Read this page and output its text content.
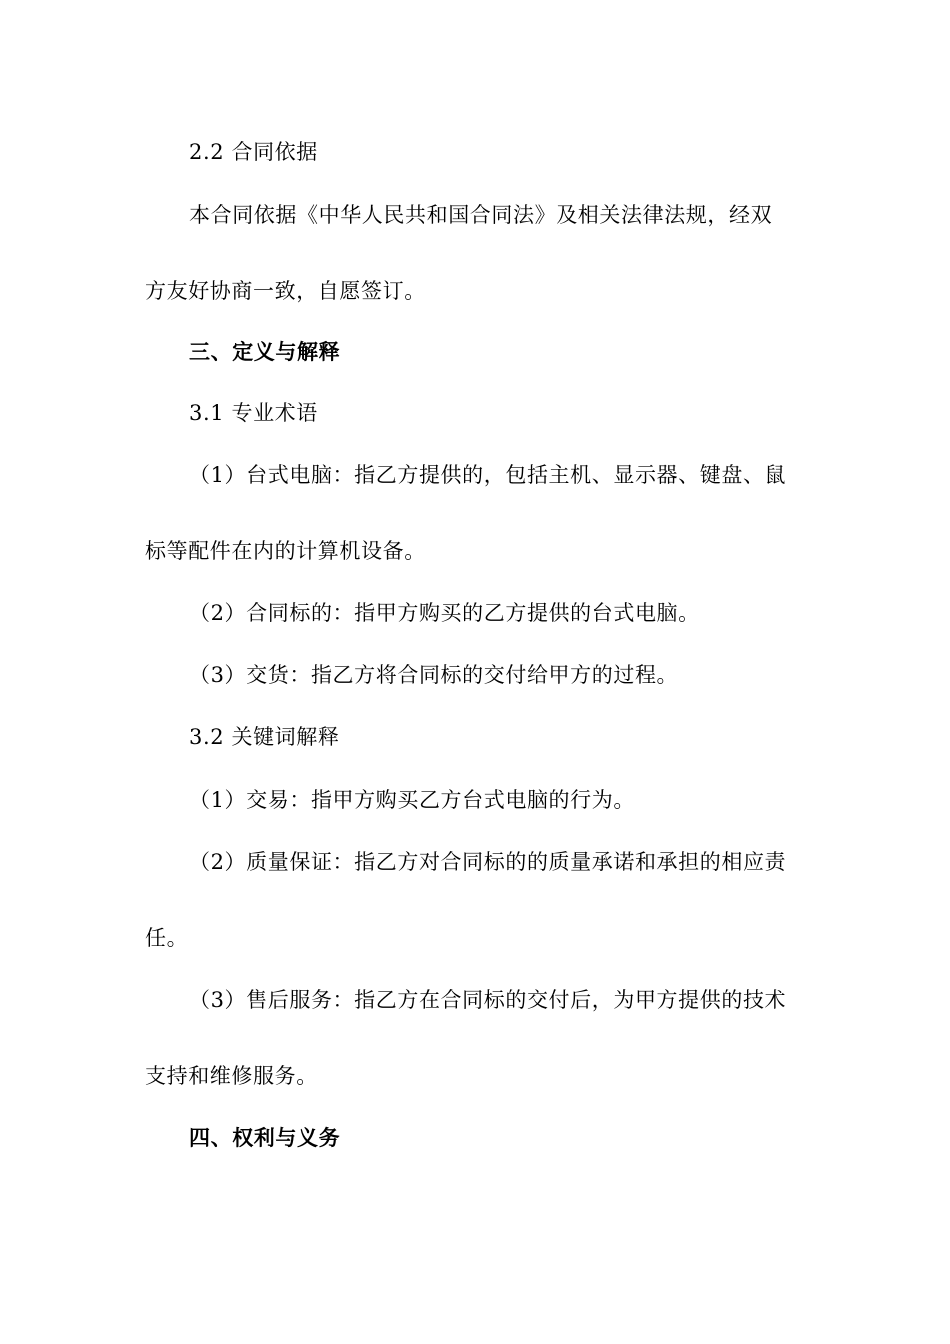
2.2 合同依据
本合同依据《中华人民共和国合同法》及相关法律法规，经双
方友好协商一致，自愿签订。
三、定义与解释
3.1 专业术语
（1）台式电脑：指乙方提供的，包括主机、显示器、键盘、鼠
标等配件在内的计算机设备。
（2）合同标的：指甲方购买的乙方提供的台式电脑。
（3）交货：指乙方将合同标的交付给甲方的过程。
3.2 关键词解释
（1）交易：指甲方购买乙方台式电脑的行为。
（2）质量保证：指乙方对合同标的的质量承诺和承担的相应责
任。
（3）售后服务：指乙方在合同标的交付后，为甲方提供的技术
支持和维修服务。
四、权利与义务
